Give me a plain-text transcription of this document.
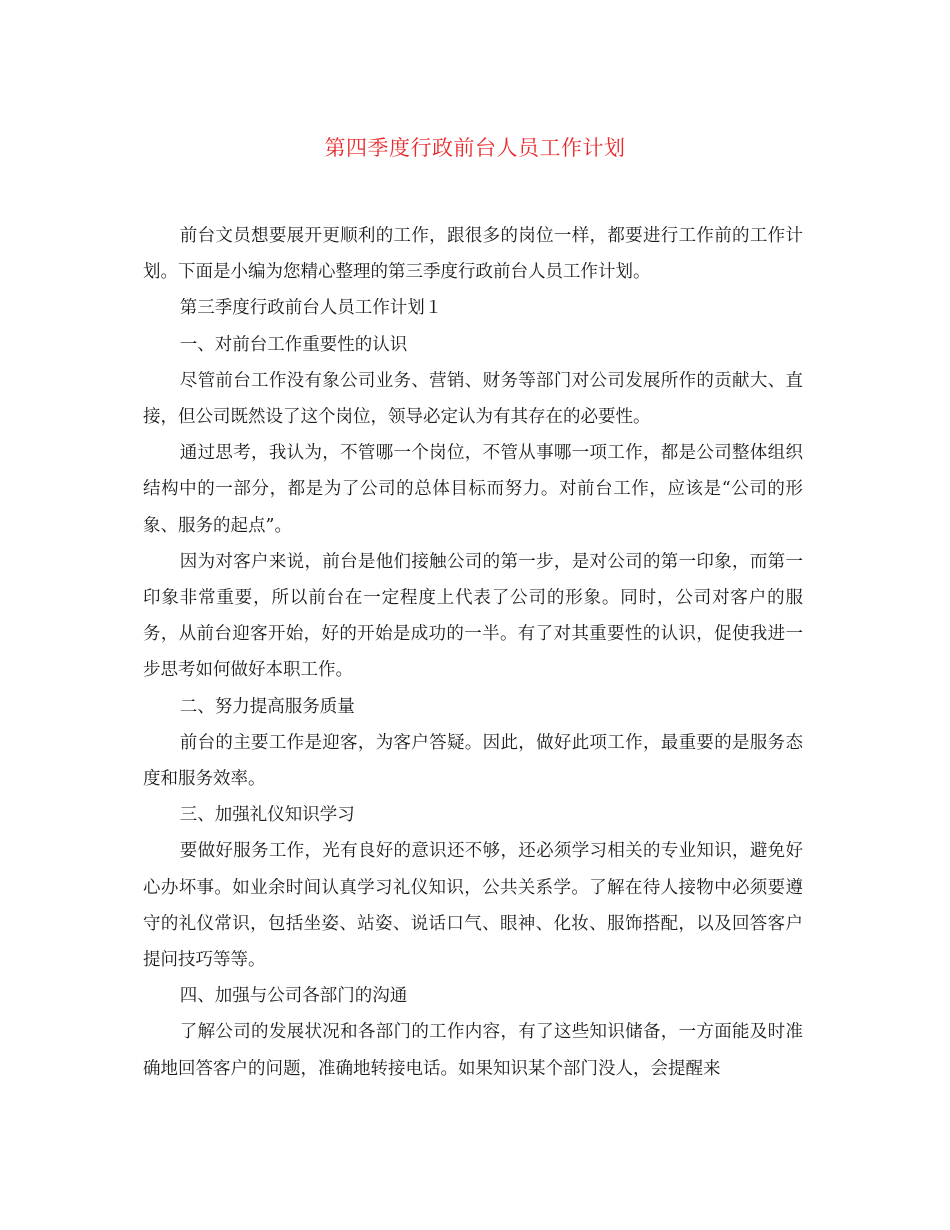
第四季度行政前台人员工作计划

前台文员想要展开更顺利的工作，跟很多的岗位一样，都要进行工作前的工作计划。下面是小编为您精心整理的第三季度行政前台人员工作计划。

第三季度行政前台人员工作计划１

一、对前台工作重要性的认识

尽管前台工作没有象公司业务、营销、财务等部门对公司发展所作的贡献大、直接，但公司既然设了这个岗位，领导必定认为有其存在的必要性。

通过思考，我认为，不管哪一个岗位，不管从事哪一项工作，都是公司整体组织结构中的一部分，都是为了公司的总体目标而努力。对前台工作，应该是“公司的形象、服务的起点”。

因为对客户来说，前台是他们接触公司的第一步，是对公司的第一印象，而第一印象非常重要，所以前台在一定程度上代表了公司的形象。同时，公司对客户的服务，从前台迎客开始，好的开始是成功的一半。有了对其重要性的认识，促使我进一步思考如何做好本职工作。

二、努力提高服务质量

前台的主要工作是迎客，为客户答疑。因此，做好此项工作，最重要的是服务态度和服务效率。

三、加强礼仪知识学习

要做好服务工作，光有良好的意识还不够，还必须学习相关的专业知识，避免好心办坏事。如业余时间认真学习礼仪知识，公共关系学。了解在待人接物中必须要遵守的礼仪常识，包括坐姿、站姿、说话口气、眼神、化妆、服饰搭配，以及回答客户提问技巧等等。

四、加强与公司各部门的沟通

了解公司的发展状况和各部门的工作内容，有了这些知识储备，一方面能及时准确地回答客户的问题，准确地转接电话。如果知识某个部门没人，会提醒来
